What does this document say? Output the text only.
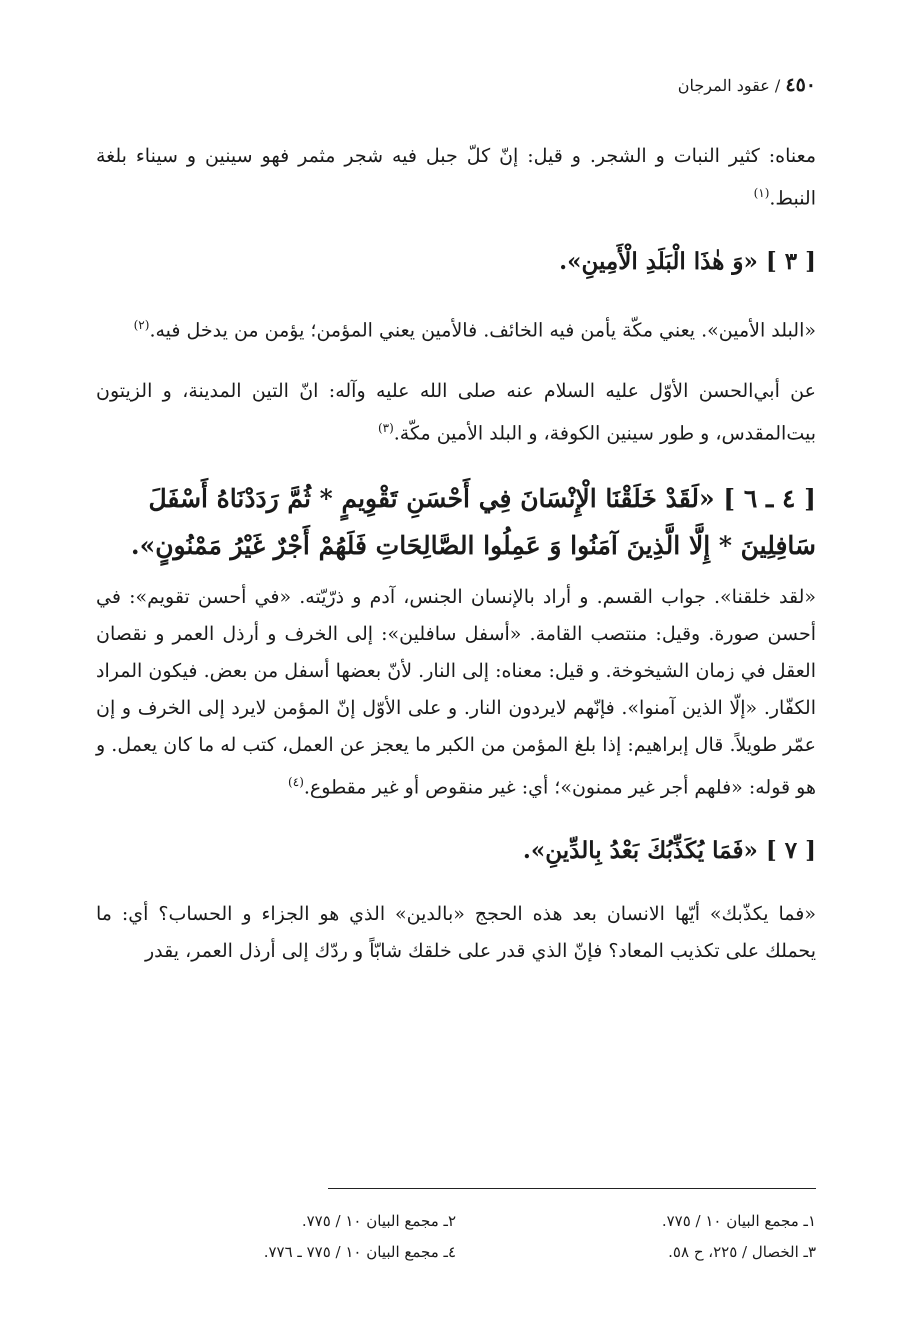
٤٥٠ / عقود المرجان

معناه: كثير النبات و الشجر. و قيل: إنّ كلّ جبل فيه شجر مثمر فهو سينين و سيناء بلغة النبط.$^{(١)}$

[ ٣ ] «وَ هٰذَا الْبَلَدِ الْأَمِينِ».

«البلد الأمين». يعني مكّة يأمن فيه الخائف. فالأمين يعني المؤمن؛ يؤمن من يدخل فيه.$^{(٢)}$

عن أبي‌الحسن الأوّل عليه السلام عنه صلى الله عليه وآله: انّ التين المدينة، و الزيتون بيت‌المقدس، و طور سينين الكوفة، و البلد الأمين مكّة.$^{(٣)}$

[ ٤ ـ ٦ ] «لَقَدْ خَلَقْنَا الْإِنْسَانَ فِي أَحْسَنِ تَقْوِيمٍ * ثُمَّ رَدَدْنَاهُ أَسْفَلَ سَافِلِينَ * إِلَّا الَّذِينَ آمَنُوا وَ عَمِلُوا الصَّالِحَاتِ فَلَهُمْ أَجْرٌ غَيْرُ مَمْنُونٍ».

«لقد خلقنا». جواب القسم. و أراد بالإنسان الجنس، آدم و ذرّيّته. «في أحسن تقويم»: في أحسن صورة. وقيل: منتصب القامة. «أسفل سافلين»: إلى الخرف و أرذل العمر و نقصان العقل في زمان الشيخوخة. و قيل: معناه: إلى النار. لأنّ بعضها أسفل من بعض. فيكون المراد الكفّار. «إلّا الذين آمنوا». فإنّهم لايردون النار. و على الأوّل إنّ المؤمن لايرد إلى الخرف و إن عمّر طويلاً. قال إبراهيم: إذا بلغ المؤمن من الكبر ما يعجز عن العمل، كتب له ما كان يعمل. و هو قوله: «فلهم أجر غير ممنون»؛ أي: غير منقوص أو غير مقطوع.$^{(٤)}$

[ ٧ ] «فَمَا يُكَذِّبُكَ بَعْدُ بِالدِّينِ».

«فما يكذّبك» أيّها الانسان بعد هذه الحجج «بالدين» الذي هو الجزاء و الحساب؟ أي: ما يحملك على تكذيب المعاد؟ فإنّ الذي قدر على خلقك شابّاً و ردّك إلى أرذل العمر، يقدر

١ـ مجمع البيان ١٠ / ٧٧٥.
٢ـ مجمع البيان ١٠ / ٧٧٥.
٣ـ الخصال / ٢٢٥، ح ٥٨.
٤ـ مجمع البيان ١٠ / ٧٧٥ ـ ٧٧٦.
